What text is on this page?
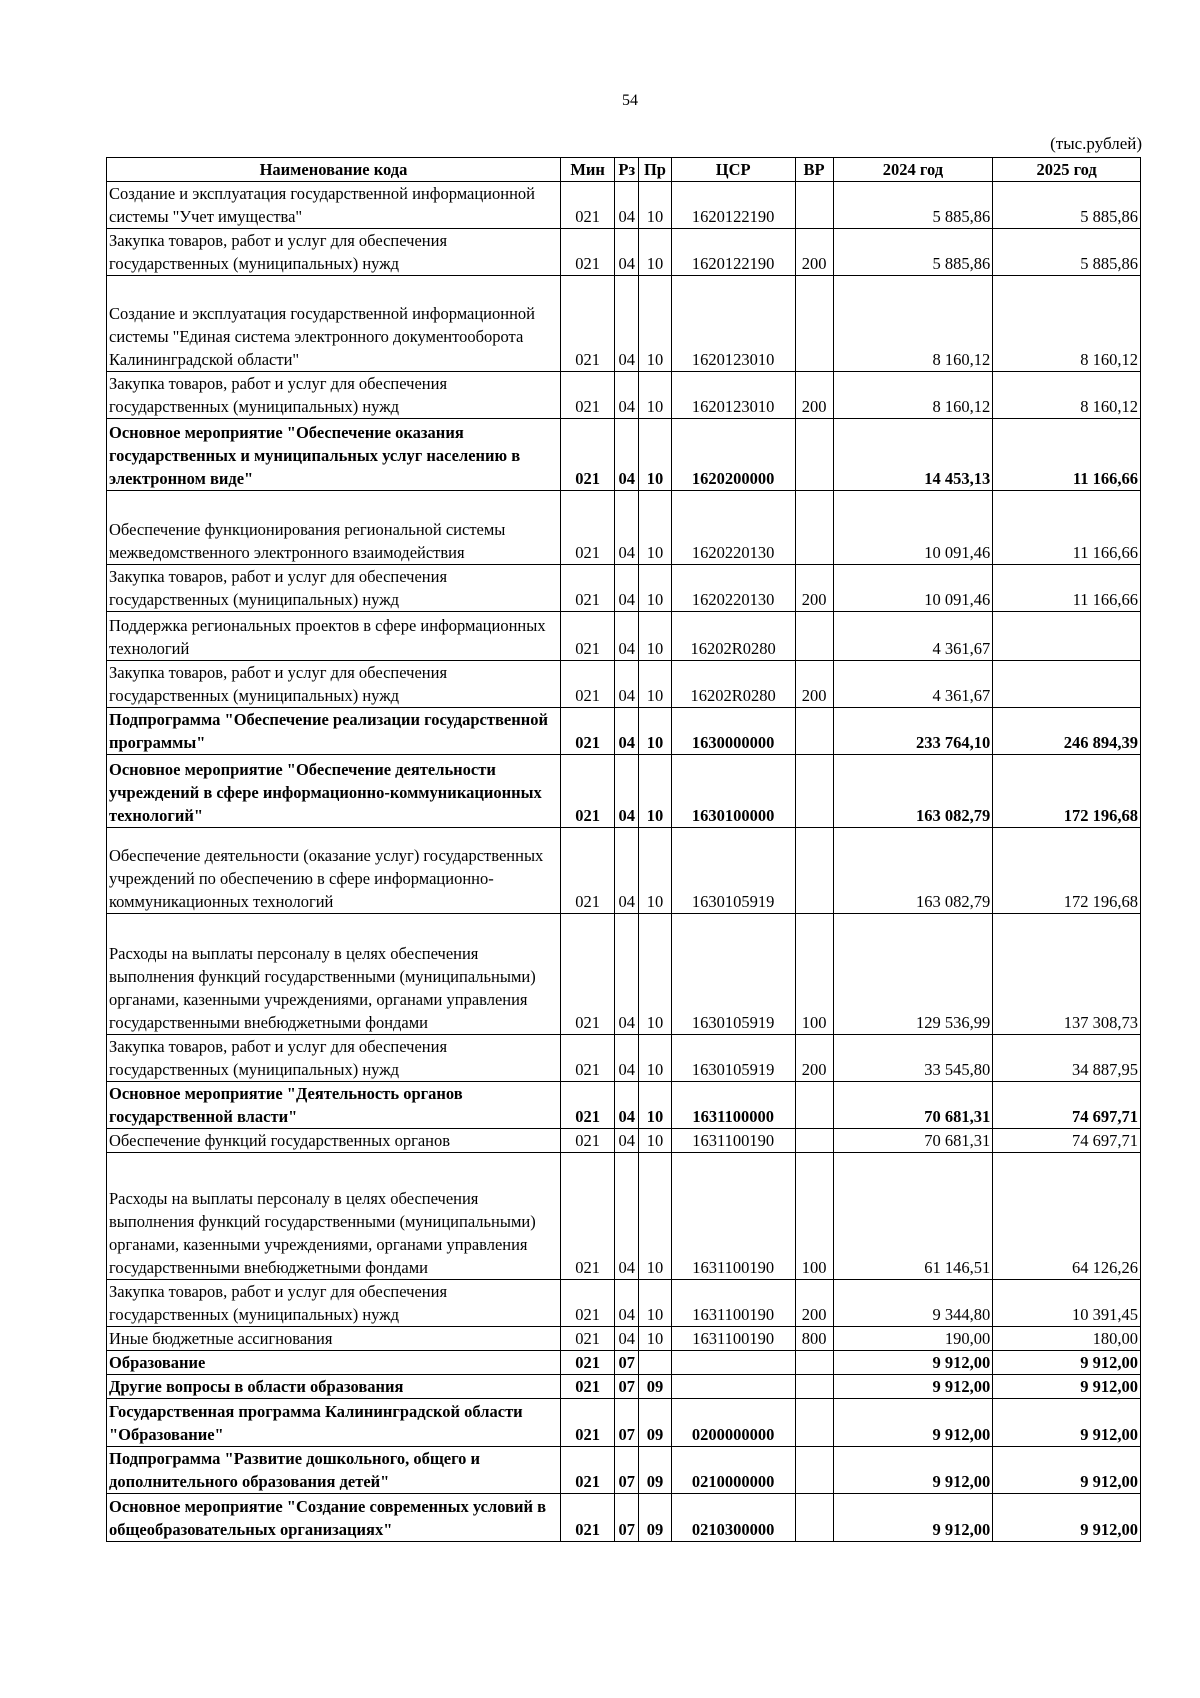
54
(тыс.рублей)
Наименование кода	Мин	Рз	Пр	ЦСР	ВР	2024 год	2025 год
Создание и эксплуатация государственной информационной системы "Учет имущества"	021	04	10	1620122190		5 885,86	5 885,86
Закупка товаров, работ и услуг для обеспечения государственных (муниципальных) нужд	021	04	10	1620122190	200	5 885,86	5 885,86
Создание и эксплуатация государственной информационной системы "Единая система электронного документооборота Калининградской области"	021	04	10	1620123010		8 160,12	8 160,12
Закупка товаров, работ и услуг для обеспечения государственных (муниципальных) нужд	021	04	10	1620123010	200	8 160,12	8 160,12
Основное мероприятие "Обеспечение оказания государственных и муниципальных услуг населению в электронном виде"	021	04	10	1620200000		14 453,13	11 166,66
Обеспечение функционирования региональной системы межведомственного электронного взаимодействия	021	04	10	1620220130		10 091,46	11 166,66
Закупка товаров, работ и услуг для обеспечения государственных (муниципальных) нужд	021	04	10	1620220130	200	10 091,46	11 166,66
Поддержка региональных проектов в сфере информационных технологий	021	04	10	16202R0280		4 361,67	
Закупка товаров, работ и услуг для обеспечения государственных (муниципальных) нужд	021	04	10	16202R0280	200	4 361,67	
Подпрограмма "Обеспечение реализации государственной программы"	021	04	10	1630000000		233 764,10	246 894,39
Основное мероприятие "Обеспечение деятельности учреждений в сфере информационно-коммуникационных технологий"	021	04	10	1630100000		163 082,79	172 196,68
Обеспечение деятельности (оказание услуг) государственных учреждений по обеспечению в сфере информационно-коммуникационных технологий	021	04	10	1630105919		163 082,79	172 196,68
Расходы на выплаты персоналу в целях обеспечения выполнения функций государственными (муниципальными) органами, казенными учреждениями, органами управления государственными внебюджетными фондами	021	04	10	1630105919	100	129 536,99	137 308,73
Закупка товаров, работ и услуг для обеспечения государственных (муниципальных) нужд	021	04	10	1630105919	200	33 545,80	34 887,95
Основное мероприятие "Деятельность органов государственной власти"	021	04	10	1631100000		70 681,31	74 697,71
Обеспечение функций государственных органов	021	04	10	1631100190		70 681,31	74 697,71
Расходы на выплаты персоналу в целях обеспечения выполнения функций государственными (муниципальными) органами, казенными учреждениями, органами управления государственными внебюджетными фондами	021	04	10	1631100190	100	61 146,51	64 126,26
Закупка товаров, работ и услуг для обеспечения государственных (муниципальных) нужд	021	04	10	1631100190	200	9 344,80	10 391,45
Иные бюджетные ассигнования	021	04	10	1631100190	800	190,00	180,00
Образование	021	07				9 912,00	9 912,00
Другие вопросы в области образования	021	07	09			9 912,00	9 912,00
Государственная программа Калининградской области "Образование"	021	07	09	0200000000		9 912,00	9 912,00
Подпрограмма "Развитие дошкольного, общего и дополнительного образования детей"	021	07	09	0210000000		9 912,00	9 912,00
Основное мероприятие "Создание современных условий в общеобразовательных организациях"	021	07	09	0210300000		9 912,00	9 912,00
